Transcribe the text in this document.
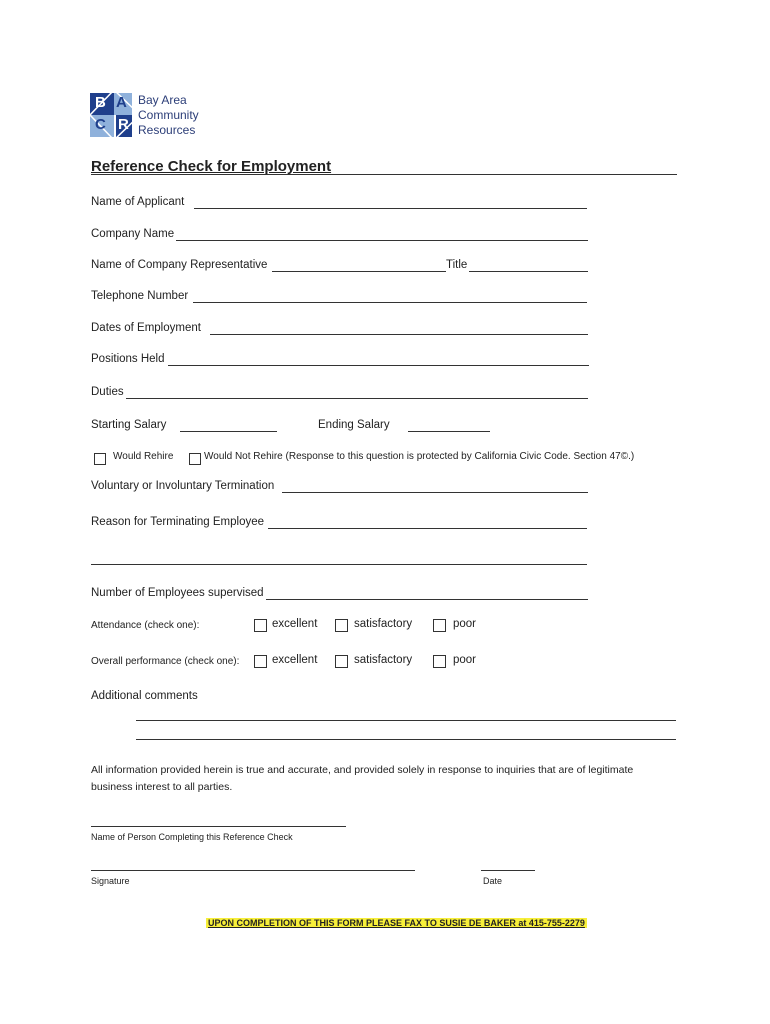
B A
C R
Bay Area
Community
Resources
Reference Check for Employment
Name of Applicant
Company Name
Name of Company Representative	Title
Telephone Number
Dates of Employment
Positions Held
Duties
Starting Salary	Ending Salary
Would Rehire	Would Not Rehire (Response to this question is protected by California Civic Code. Section 47©.)
Voluntary or Involuntary Termination
Reason for Terminating Employee
Number of Employees supervised
Attendance (check one):	excellent	satisfactory	poor
Overall performance (check one):	excellent	satisfactory	poor
Additional comments
All information provided herein is true and accurate, and provided solely in response to inquiries that are of legitimate
business interest to all parties.
Name of Person Completing this Reference Check
Signature	Date
UPON COMPLETION OF THIS FORM PLEASE FAX TO SUSIE DE BAKER at 415-755-2279
